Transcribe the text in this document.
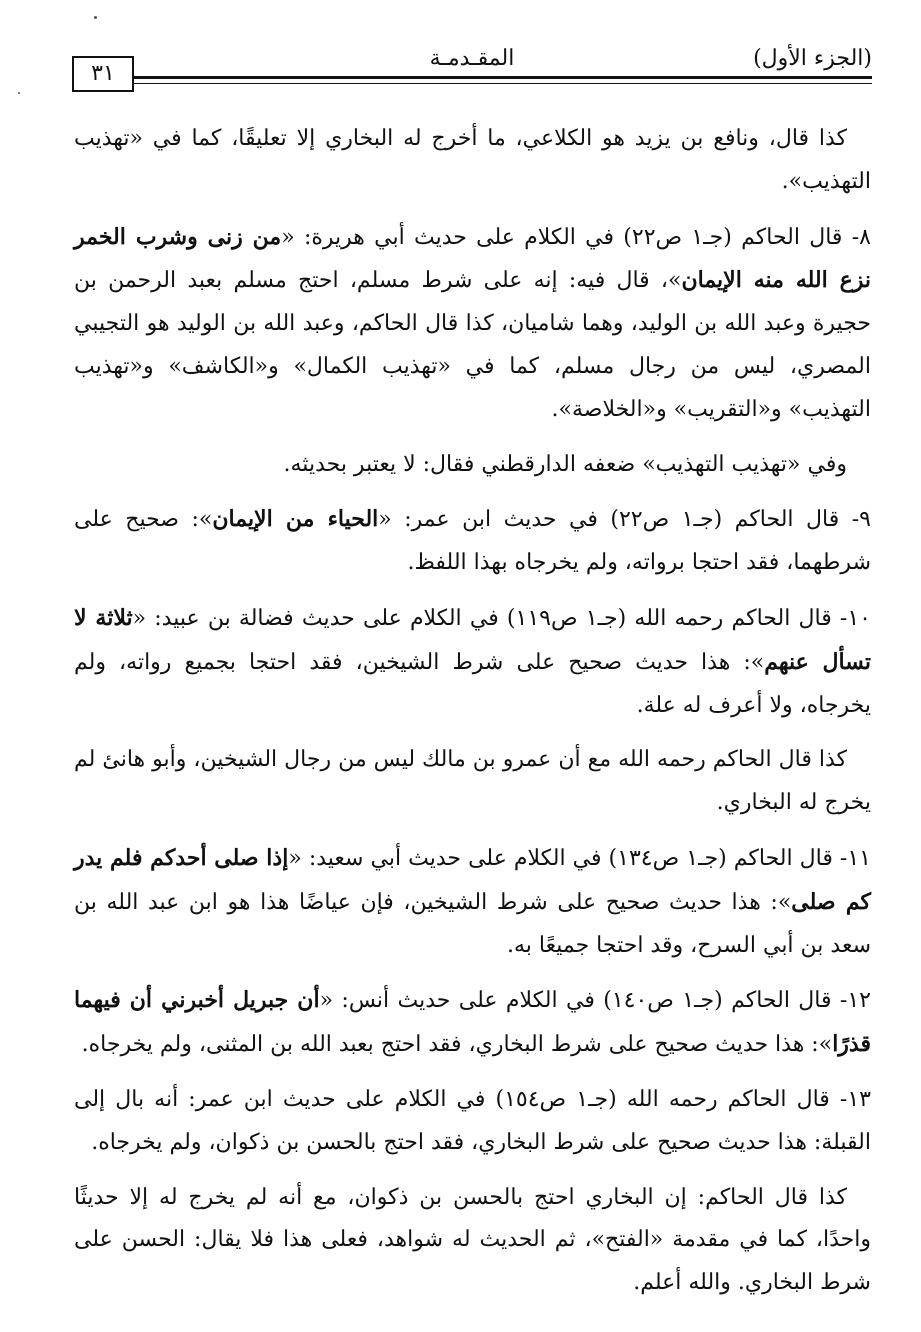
٣١
المقـدمـة	(الجزء الأول)

كذا قال، ونافع بن يزيد هو الكلاعي، ما أخرج له البخاري إلا تعليقًا، كما في «تهذيب التهذيب».

٨- قال الحاكم (جـ١ ص٢٢) في الكلام على حديث أبي هريرة: «من زنى وشرب الخمر نزع الله منه الإيمان»، قال فيه: إنه على شرط مسلم، احتج مسلم بعبد الرحمن بن حجيرة وعبد الله بن الوليد، وهما شاميان، كذا قال الحاكم، وعبد الله بن الوليد هو التجيبي المصري، ليس من رجال مسلم، كما في «تهذيب الكمال» و«الكاشف» و«تهذيب التهذيب» و«التقريب» و«الخلاصة».

وفي «تهذيب التهذيب» ضعفه الدارقطني فقال: لا يعتبر بحديثه.

٩- قال الحاكم (جـ١ ص٢٢) في حديث ابن عمر: «الحياء من الإيمان»: صحيح على شرطهما، فقد احتجا برواته، ولم يخرجاه بهذا اللفظ.

١٠- قال الحاكم رحمه الله (جـ١ ص١١٩) في الكلام على حديث فضالة بن عبيد: «ثلاثة لا تسأل عنهم»: هذا حديث صحيح على شرط الشيخين، فقد احتجا بجميع رواته، ولم يخرجاه، ولا أعرف له علة.

كذا قال الحاكم رحمه الله مع أن عمرو بن مالك ليس من رجال الشيخين، وأبو هانئ لم يخرج له البخاري.

١١- قال الحاكم (جـ١ ص١٣٤) في الكلام على حديث أبي سعيد: «إذا صلى أحدكم فلم يدر كم صلى»: هذا حديث صحيح على شرط الشيخين، فإن عياضًا هذا هو ابن عبد الله بن سعد بن أبي السرح، وقد احتجا جميعًا به.

١٢- قال الحاكم (جـ١ ص١٤٠) في الكلام على حديث أنس: «أن جبريل أخبرني أن فيهما قذرًا»: هذا حديث صحيح على شرط البخاري، فقد احتج بعبد الله بن المثنى، ولم يخرجاه.

١٣- قال الحاكم رحمه الله (جـ١ ص١٥٤) في الكلام على حديث ابن عمر: أنه بال إلى القبلة: هذا حديث صحيح على شرط البخاري، فقد احتج بالحسن بن ذكوان، ولم يخرجاه.

كذا قال الحاكم: إن البخاري احتج بالحسن بن ذكوان، مع أنه لم يخرج له إلا حديثًا واحدًا، كما في مقدمة «الفتح»، ثم الحديث له شواهد، فعلى هذا فلا يقال: الحسن على شرط البخاري. والله أعلم.
